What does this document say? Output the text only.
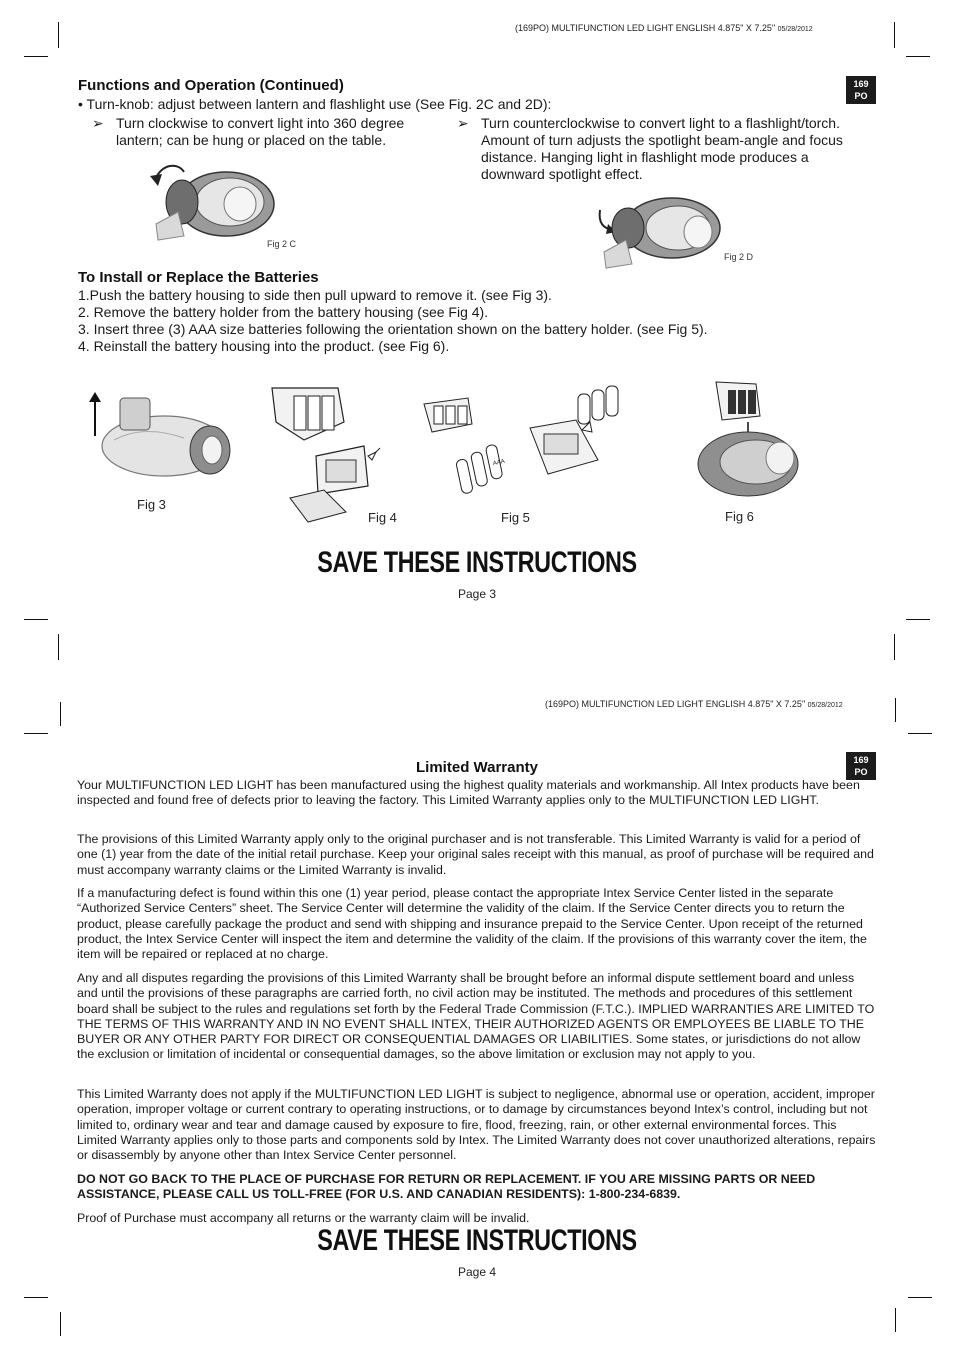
(169PO) MULTIFUNCTION LED LIGHT ENGLISH 4.875" X 7.25" 05/28/2012
169
PO
Functions and Operation (Continued)
• Turn-knob: adjust between lantern and flashlight use (See Fig. 2C and 2D):
➢ Turn clockwise to convert light into 360 degree
lantern; can be hung or placed on the table.
➢ Turn counterclockwise to convert light to a flashlight/torch.
Amount of turn adjusts the spotlight beam-angle and focus
distance. Hanging light in flashlight mode produces a
downward spotlight effect.
Fig 2 C
Fig 2 D
To Install or Replace the Batteries
1.Push the battery housing to side then pull upward to remove it. (see Fig 3).
2. Remove the battery holder from the battery housing (see Fig 4).
3. Insert three (3) AAA size batteries following the orientation shown on the battery holder. (see Fig 5).
4. Reinstall the battery housing into the product. (see Fig 6).
Fig 3
Fig 4
AAA
Fig 5	Fig 6
SAVE THESE INSTRUCTIONS
Page 3
(169PO) MULTIFUNCTION LED LIGHT ENGLISH 4.875" X 7.25" 05/28/2012
169
PO
Limited Warranty

Your MULTIFUNCTION LED LIGHT has been manufactured using the highest quality materials and workmanship. All Intex products have been inspected and found free of defects prior to leaving the factory. This Limited Warranty applies only to the MULTIFUNCTION LED LIGHT.

The provisions of this Limited Warranty apply only to the original purchaser and is not transferable. This Limited Warranty is valid for a period of one (1) year from the date of the initial retail purchase. Keep your original sales receipt with this manual, as proof of purchase will be required and must accompany warranty claims or the Limited Warranty is invalid.

If a manufacturing defect is found within this one (1) year period, please contact the appropriate Intex Service Center listed in the separate “Authorized Service Centers” sheet. The Service Center will determine the validity of the claim. If the Service Center directs you to return the product, please carefully package the product and send with shipping and insurance prepaid to the Service Center. Upon receipt of the returned product, the Intex Service Center will inspect the item and determine the validity of the claim. If the provisions of this warranty cover the item, the item will be repaired or replaced at no charge.

Any and all disputes regarding the provisions of this Limited Warranty shall be brought before an informal dispute settlement board and unless and until the provisions of these paragraphs are carried forth, no civil action may be instituted. The methods and procedures of this settlement board shall be subject to the rules and regulations set forth by the Federal Trade Commission (F.T.C.). IMPLIED WARRANTIES ARE LIMITED TO THE TERMS OF THIS WARRANTY AND IN NO EVENT SHALL INTEX, THEIR AUTHORIZED AGENTS OR EMPLOYEES BE LIABLE TO THE BUYER OR ANY OTHER PARTY FOR DIRECT OR CONSEQUENTIAL DAMAGES OR LIABILITIES. Some states, or jurisdictions do not allow the exclusion or limitation of incidental or consequential damages, so the above limitation or exclusion may not apply to you.

This Limited Warranty does not apply if the MULTIFUNCTION LED LIGHT is subject to negligence, abnormal use or operation, accident, improper operation, improper voltage or current contrary to operating instructions, or to damage by circumstances beyond Intex’s control, including but not limited to, ordinary wear and tear and damage caused by exposure to fire, flood, freezing, rain, or other external environmental forces. This Limited Warranty applies only to those parts and components sold by Intex. The Limited Warranty does not cover unauthorized alterations, repairs or disassembly by anyone other than Intex Service Center personnel.

DO NOT GO BACK TO THE PLACE OF PURCHASE FOR RETURN OR REPLACEMENT. IF YOU ARE MISSING PARTS OR NEED ASSISTANCE, PLEASE CALL US TOLL-FREE (FOR U.S. AND CANADIAN RESIDENTS): 1-800-234-6839.

Proof of Purchase must accompany all returns or the warranty claim will be invalid.

SAVE THESE INSTRUCTIONS
Page 4
